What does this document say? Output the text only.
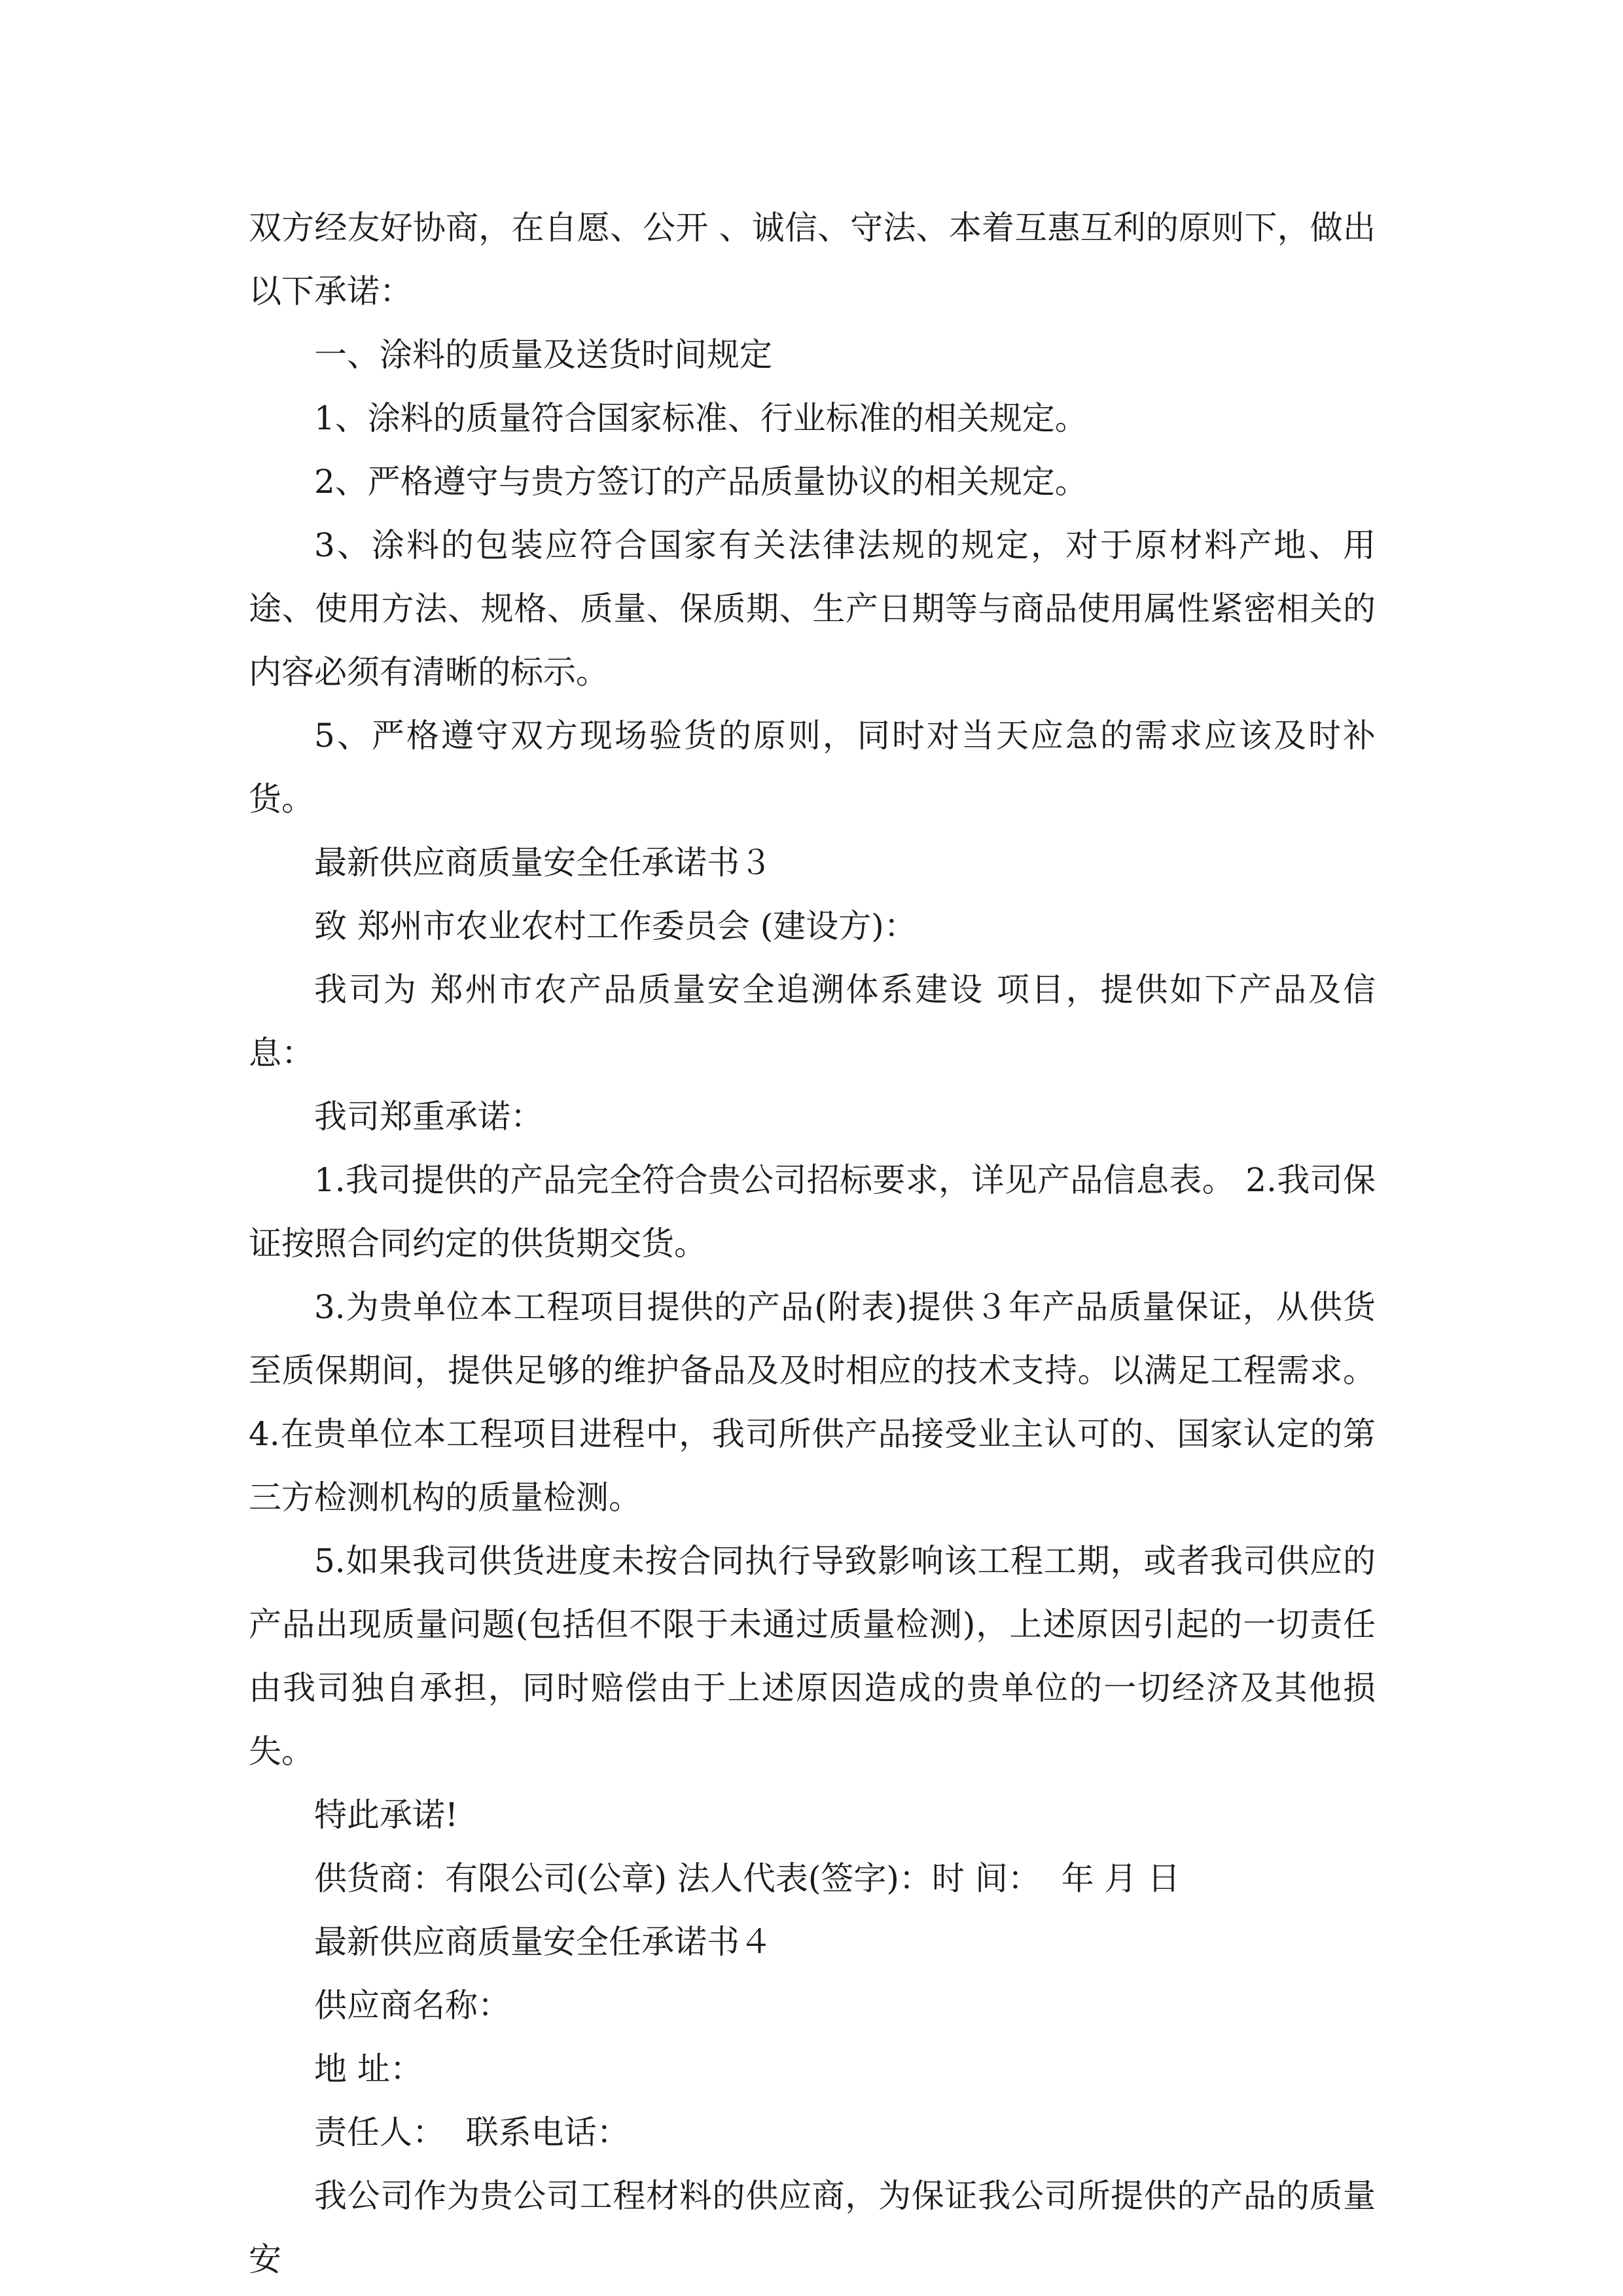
双方经友好协商，在自愿、公开 、诚信、守法、本着互惠互利的原则下，做出以下承诺：

一、涂料的质量及送货时间规定

1、涂料的质量符合国家标准、行业标准的相关规定。

2、严格遵守与贵方签订的产品质量协议的相关规定。

3、涂料的包装应符合国家有关法律法规的规定，对于原材料产地、用途、使用方法、规格、质量、保质期、生产日期等与商品使用属性紧密相关的内容必须有清晰的标示。

5、严格遵守双方现场验货的原则，同时对当天应急的需求应该及时补货。

最新供应商质量安全任承诺书３

致 郑州市农业农村工作委员会 (建设方)：

我司为 郑州市农产品质量安全追溯体系建设 项目，提供如下产品及信息：

我司郑重承诺：

1.我司提供的产品完全符合贵公司招标要求，详见产品信息表。 2.我司保证按照合同约定的供货期交货。

3.为贵单位本工程项目提供的产品(附表)提供３年产品质量保证，从供货至质保期间，提供足够的维护备品及及时相应的技术支持。以满足工程需求。 4.在贵单位本工程项目进程中，我司所供产品接受业主认可的、国家认定的第三方检测机构的质量检测。

5.如果我司供货进度未按合同执行导致影响该工程工期，或者我司供应的产品出现质量问题(包括但不限于未通过质量检测)，上述原因引起的一切责任由我司独自承担，同时赔偿由于上述原因造成的贵单位的一切经济及其他损失。

特此承诺!

供货商：有限公司(公章) 法人代表(签字)：时 间：  年 月 日

最新供应商质量安全任承诺书４

供应商名称：

地 址：

责任人：  联系电话：

我公司作为贵公司工程材料的供应商，为保证我公司所提供的产品的质量安
